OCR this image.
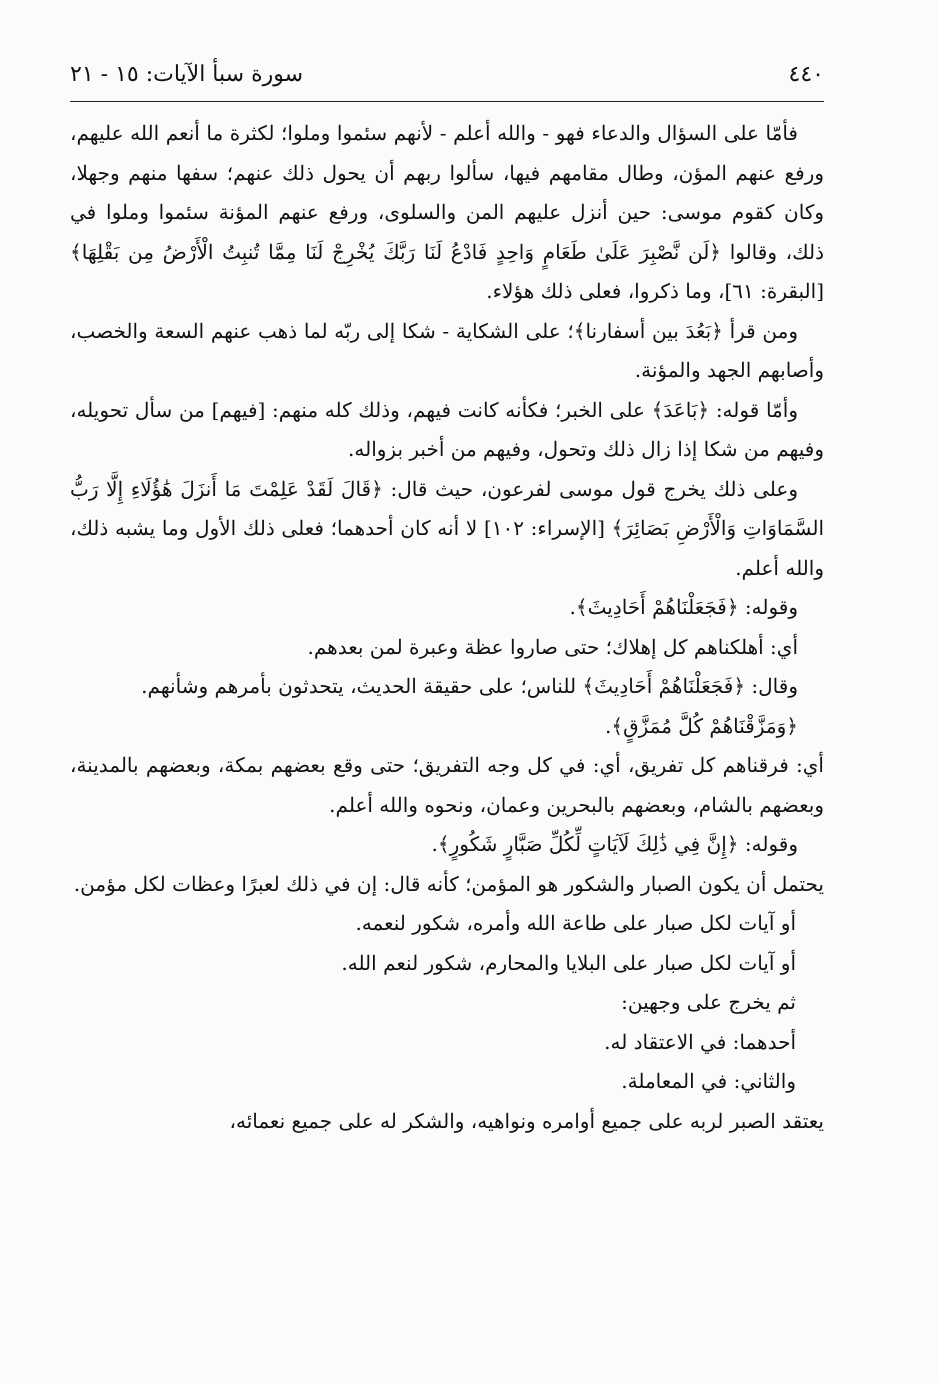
٤٤٠
سورة سبأ الآيات: ١٥ - ٢١

فأمّا على السؤال والدعاء فهو - والله أعلم - لأنهم سئموا وملوا؛ لكثرة ما أنعم الله عليهم، ورفع عنهم المؤن، وطال مقامهم فيها، سألوا ربهم أن يحول ذلك عنهم؛ سفها منهم وجهلا، وكان كقوم موسى: حين أنزل عليهم المن والسلوى، ورفع عنهم المؤنة سئموا وملوا في ذلك، وقالوا ﴿لَن نَّصْبِرَ عَلَىٰ طَعَامٍ وَاحِدٍ فَادْعُ لَنَا رَبَّكَ يُخْرِجْ لَنَا مِمَّا تُنبِتُ الْأَرْضُ مِن بَقْلِهَا﴾ [البقرة: ٦١]، وما ذكروا، فعلى ذلك هؤلاء.

ومن قرأ ﴿بَعُدَ بين أسفارنا﴾؛ على الشكاية - شكا إلى ربّه لما ذهب عنهم السعة والخصب، وأصابهم الجهد والمؤنة.

وأمّا قوله: ﴿بَاعَدَ﴾ على الخبر؛ فكأنه كانت فيهم، وذلك كله منهم: [فيهم] من سأل تحويله، وفيهم من شكا إذا زال ذلك وتحول، وفيهم من أخبر بزواله.

وعلى ذلك يخرج قول موسى لفرعون، حيث قال: ﴿قَالَ لَقَدْ عَلِمْتَ مَا أَنزَلَ هَٰؤُلَاءِ إِلَّا رَبُّ السَّمَاوَاتِ وَالْأَرْضِ بَصَائِرَ﴾ [الإسراء: ١٠٢] لا أنه كان أحدهما؛ فعلى ذلك الأول وما يشبه ذلك، والله أعلم.

وقوله: ﴿فَجَعَلْنَاهُمْ أَحَادِيثَ﴾.

أي: أهلكناهم كل إهلاك؛ حتى صاروا عظة وعبرة لمن بعدهم.

وقال: ﴿فَجَعَلْنَاهُمْ أَحَادِيثَ﴾ للناس؛ على حقيقة الحديث، يتحدثون بأمرهم وشأنهم.

﴿وَمَزَّقْنَاهُمْ كُلَّ مُمَزَّقٍ﴾.

أي: فرقناهم كل تفريق، أي: في كل وجه التفريق؛ حتى وقع بعضهم بمكة، وبعضهم بالمدينة، وبعضهم بالشام، وبعضهم بالبحرين وعمان، ونحوه والله أعلم.

وقوله: ﴿إِنَّ فِي ذَٰلِكَ لَآيَاتٍ لِّكُلِّ صَبَّارٍ شَكُورٍ﴾.

يحتمل أن يكون الصبار والشكور هو المؤمن؛ كأنه قال: إن في ذلك لعبرًا وعظات لكل مؤمن.

أو آيات لكل صبار على طاعة الله وأمره، شكور لنعمه.

أو آيات لكل صبار على البلايا والمحارم، شكور لنعم الله.

ثم يخرج على وجهين:

أحدهما: في الاعتقاد له.

والثاني: في المعاملة.

يعتقد الصبر لربه على جميع أوامره ونواهيه، والشكر له على جميع نعمائه،
